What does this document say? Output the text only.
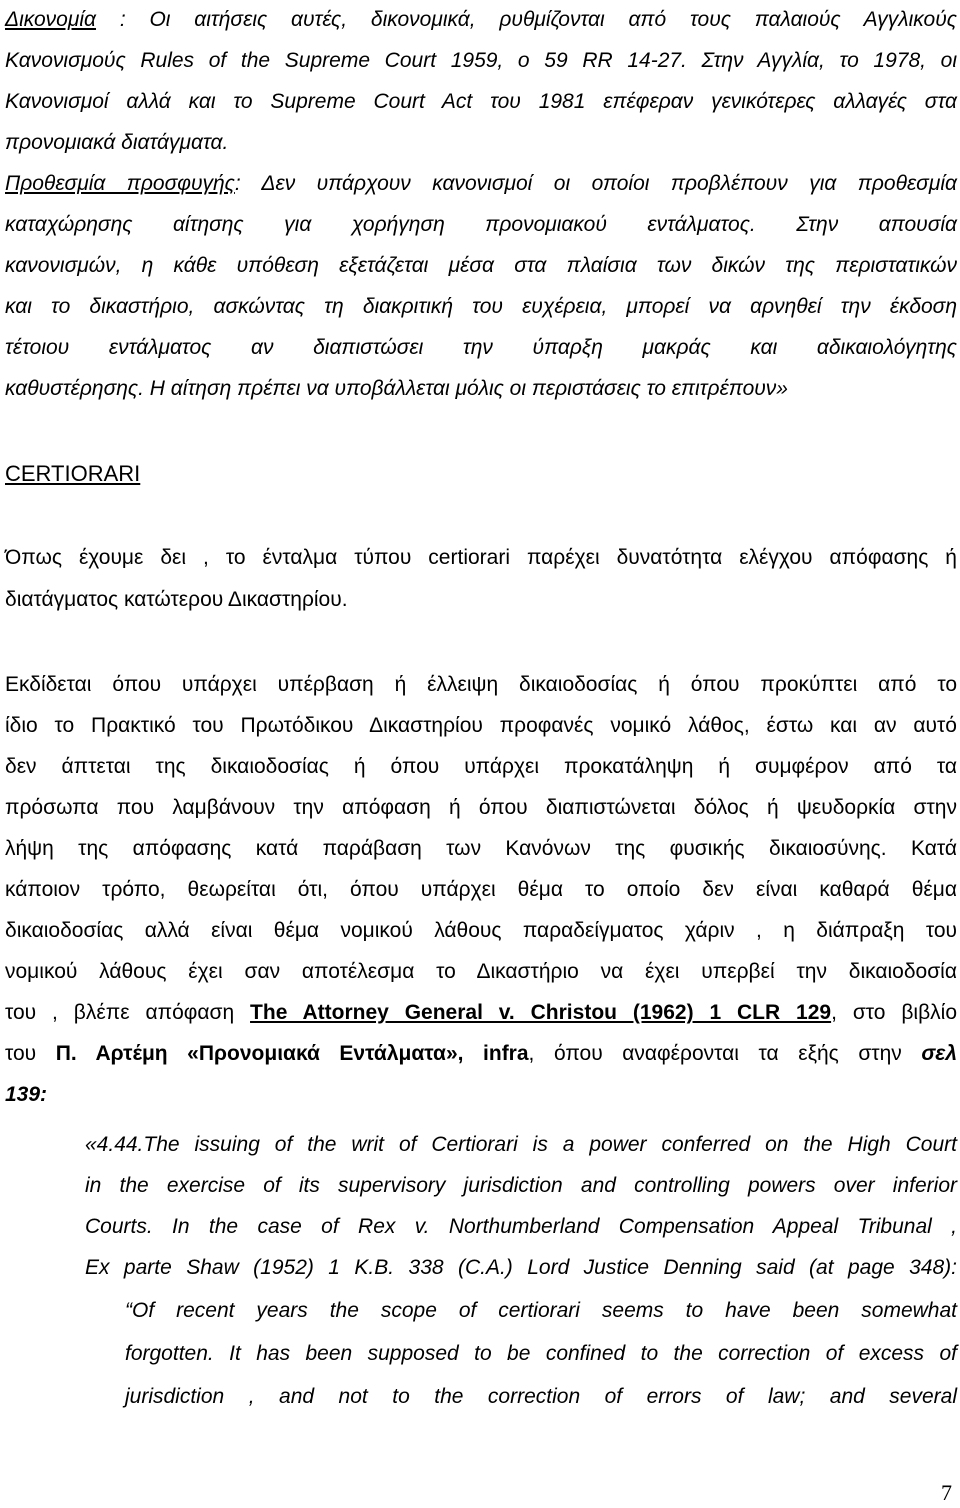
Δικονομία : Οι αιτήσεις αυτές, δικονομικά, ρυθμίζονται από τους παλαιούς Αγγλικούς
Κανονισμούς Rules of the Supreme Court 1959, ο 59 RR 14-27. Στην Αγγλία, το 1978, οι
Κανονισμοί αλλά και το Supreme Court Act του 1981 επέφεραν γενικότερες αλλαγές στα
προνομιακά διατάγματα.
Προθεσμία προσφυγής: Δεν υπάρχουν κανονισμοί οι οποίοι προβλέπουν για προθεσμία
καταχώρησης αίτησης για χορήγηση προνομιακού εντάλματος. Στην απουσία
κανονισμών, η κάθε υπόθεση εξετάζεται μέσα στα πλαίσια των δικών της περιστατικών
και το δικαστήριο, ασκώντας τη διακριτική του ευχέρεια, μπορεί να αρνηθεί την έκδοση
τέτοιου εντάλματος αν διαπιστώσει την ύπαρξη μακράς και αδικαιολόγητης
καθυστέρησης. Η αίτηση πρέπει να υποβάλλεται μόλις οι περιστάσεις το επιτρέπουν»
CERTIORARI
Όπως έχουμε δει , το ένταλμα τύπου certiorari παρέχει δυνατότητα ελέγχου απόφασης ή
διατάγματος κατώτερου Δικαστηρίου.
Εκδίδεται όπου υπάρχει υπέρβαση ή έλλειψη δικαιοδοσίας ή όπου προκύπτει από το
ίδιο το Πρακτικό του Πρωτόδικου Δικαστηρίου προφανές νομικό λάθος, έστω και αν αυτό
δεν άπτεται της δικαιοδοσίας ή όπου υπάρχει προκατάληψη ή συμφέρον από τα
πρόσωπα που λαμβάνουν την απόφαση ή όπου διαπιστώνεται δόλος ή ψευδορκία στην
λήψη της απόφασης κατά παράβαση των Κανόνων της φυσικής δικαιοσύνης. Κατά
κάποιον τρόπο, θεωρείται ότι, όπου υπάρχει θέμα το οποίο δεν είναι καθαρά θέμα
δικαιοδοσίας αλλά είναι θέμα νομικού λάθους παραδείγματος χάριν , η διάπραξη του
νομικού λάθους έχει σαν αποτέλεσμα το Δικαστήριο να έχει υπερβεί την δικαιοδοσία
του , βλέπε απόφαση The Attorney General v. Christou (1962) 1 CLR 129, στο βιβλίο
του Π. Αρτέμη «Προνομιακά Εντάλματα», infra, όπου αναφέρονται τα εξής στην σελ
139:
«4.44.The issuing of the writ of Certiorari is a power conferred on the High Court
in the exercise of its supervisory jurisdiction and controlling powers over inferior
Courts. In the case of Rex v. Northumberland Compensation Appeal Tribunal ,
Ex parte Shaw (1952) 1 K.B. 338 (C.A.) Lord Justice Denning said (at page 348):
“Of recent years the scope of certiorari seems to have been somewhat
forgotten. It has been supposed to be confined to the correction of excess of
jurisdiction , and not to the correction of errors of law; and several
7
